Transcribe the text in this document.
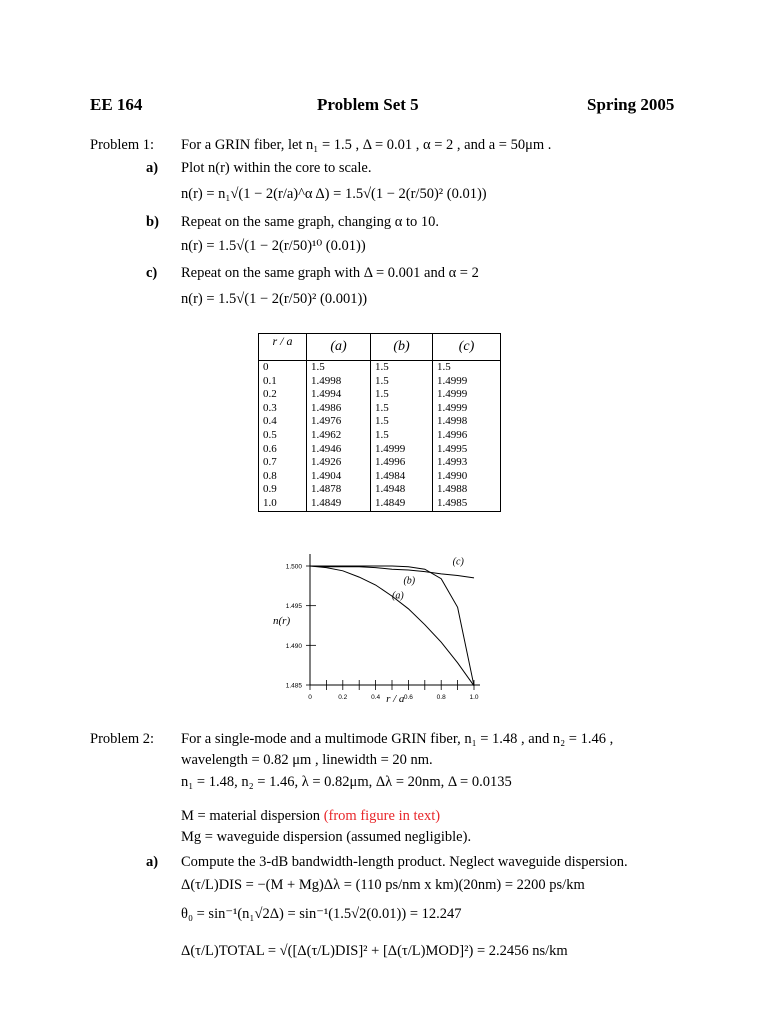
EE 164	Problem Set 5	Spring 2005
Problem 1: For a GRIN fiber, let n₁ = 1.5 , Δ = 0.01 , α = 2 , and a = 50μm .
a) Plot n(r) within the core to scale.
n(r) = n₁√(1 − 2(r/a)^α Δ) = 1.5√(1 − 2(r/50)² (0.01))
b) Repeat on the same graph, changing α to 10.
n(r) = 1.5√(1 − 2(r/50)¹⁰ (0.01))
c) Repeat on the same graph with Δ = 0.001 and α = 2
n(r) = 1.5√(1 − 2(r/50)² (0.001))
r / a	(a)	(b)	(c)
0	1.5	1.5	1.5
0.1	1.4998	1.5	1.4999
0.2	1.4994	1.5	1.4999
0.3	1.4986	1.5	1.4999
0.4	1.4976	1.5	1.4998
0.5	1.4962	1.5	1.4996
0.6	1.4946	1.4999	1.4995
0.7	1.4926	1.4996	1.4993
0.8	1.4904	1.4984	1.4990
0.9	1.4878	1.4948	1.4988
1.0	1.4849	1.4849	1.4985
0	0.2	0.4	0.6	0.8	1.0
1.485
1.490
1.495
1.500
r / a
n(r)
(a)
(b)
(c)
Problem 2: For a single-mode and a multimode GRIN fiber, n₁ = 1.48 , and n₂ = 1.46 ,
wavelength = 0.82 μm , linewidth = 20 nm.
n₁ = 1.48, n₂ = 1.46, λ = 0.82μm, Δλ = 20nm, Δ = 0.0135
M = material dispersion (from figure in text)
Mg = waveguide dispersion (assumed negligible).
a) Compute the 3-dB bandwidth-length product. Neglect waveguide dispersion.
Δ(τ/L)DIS = −(M + Mg)Δλ = (110 ps/nm x km)(20nm) = 2200 ps/km
θ₀ = sin⁻¹(n₁√2Δ) = sin⁻¹(1.5√2(0.01)) = 12.247
Δ(τ/L)TOTAL = √([Δ(τ/L)DIS]² + [Δ(τ/L)MOD]²) = 2.2456 ns/km
